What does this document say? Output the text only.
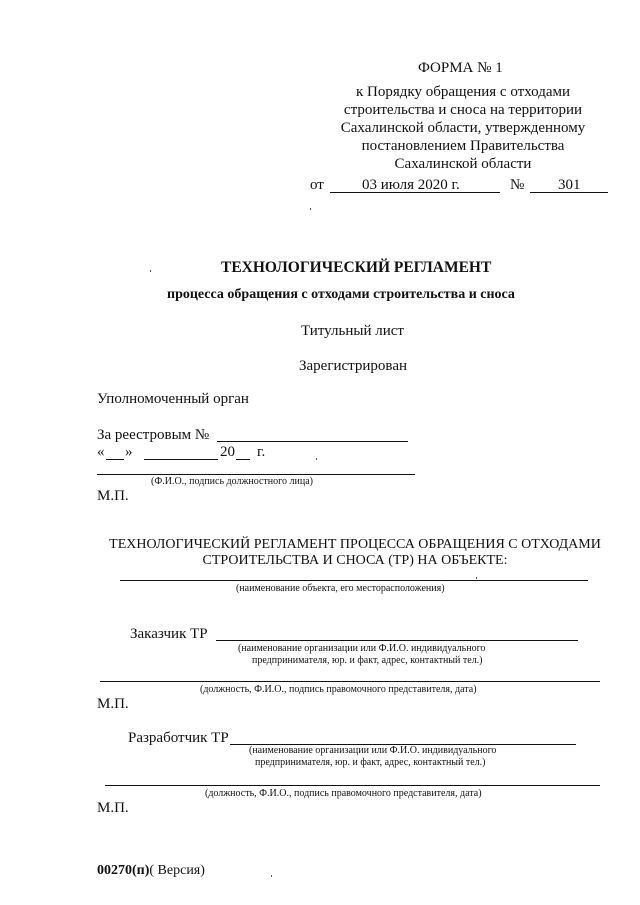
ФОРМА № 1
к Порядку обращения с отходами
строительства и сноса на территории
Сахалинской области, утвержденному
постановлением Правительства
Сахалинской области
от	03 июля 2020 г.	№ 301
ТЕХНОЛОГИЧЕСКИЙ РЕГЛАМЕНТ
процесса обращения с отходами строительства и сноса
Титульный лист
Зарегистрирован
Уполномоченный орган
За реестровым №
« »	20 г.
(Ф.И.О., подпись должностного лица)
М.П.
ТЕХНОЛОГИЧЕСКИЙ РЕГЛАМЕНТ ПРОЦЕССА ОБРАЩЕНИЯ С ОТХОДАМИ
СТРОИТЕЛЬСТВА И СНОСА (ТР) НА ОБЪЕКТЕ:
(наименование объекта, его месторасположения)
Заказчик ТР
(наименование организации или Ф.И.О. индивидуального
предпринимателя, юр. и факт, адрес, контактный тел.)
(должность, Ф.И.О., подпись правомочного представителя, дата)
М.П.
Разработчик ТР
(наименование организации или Ф.И.О. индивидуального
предпринимателя, юр. и факт, адрес, контактный тел.)
(должность, Ф.И.О., подпись правомочного представителя, дата)
М.П.
00270(п)( Версия)
